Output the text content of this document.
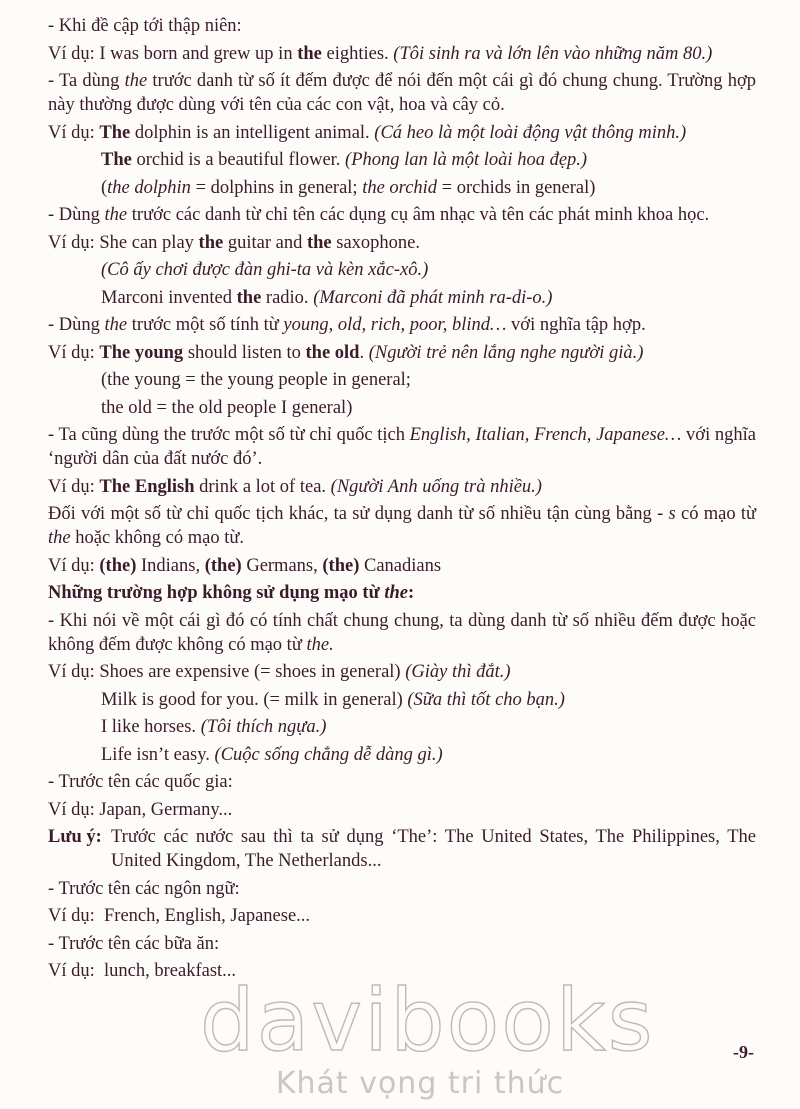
- Khi đề cập tới thập niên:

Ví dụ: I was born and grew up in the eighties. (Tôi sinh ra và lớn lên vào những năm 80.)

- Ta dùng the trước danh từ số ít đếm được để nói đến một cái gì đó chung chung. Trường hợp này thường được dùng với tên của các con vật, hoa và cây cỏ.

Ví dụ: The dolphin is an intelligent animal. (Cá heo là một loài động vật thông minh.)

The orchid is a beautiful flower. (Phong lan là một loài hoa đẹp.)

(the dolphin = dolphins in general; the orchid = orchids in general)

- Dùng the trước các danh từ chỉ tên các dụng cụ âm nhạc và tên các phát minh khoa học.

Ví dụ: She can play the guitar and the saxophone.

(Cô ấy chơi được đàn ghi-ta và kèn xắc-xô.)

Marconi invented the radio. (Marconi đã phát minh ra-di-o.)

- Dùng the trước một số tính từ young, old, rich, poor, blind… với nghĩa tập hợp.

Ví dụ: The young should listen to the old. (Người trẻ nên lắng nghe người già.)

(the young = the young people in general;

the old = the old people I general)

- Ta cũng dùng the trước một số từ chỉ quốc tịch English, Italian, French, Japanese… với nghĩa ‘người dân của đất nước đó’.

Ví dụ: The English drink a lot of tea. (Người Anh uống trà nhiều.)

Đối với một số từ chỉ quốc tịch khác, ta sử dụng danh từ số nhiều tận cùng bằng - s có mạo từ the hoặc không có mạo từ.

Ví dụ: (the) Indians, (the) Germans, (the) Canadians

Những trường hợp không sử dụng mạo từ the:

- Khi nói về một cái gì đó có tính chất chung chung, ta dùng danh từ số nhiều đếm được hoặc không đếm được không có mạo từ the.

Ví dụ: Shoes are expensive (= shoes in general) (Giày thì đắt.)

Milk is good for you. (= milk in general) (Sữa thì tốt cho bạn.)

I like horses. (Tôi thích ngựa.)

Life isn’t easy. (Cuộc sống chẳng dễ dàng gì.)

- Trước tên các quốc gia:

Ví dụ: Japan, Germany...

Lưu ý: Trước các nước sau thì ta sử dụng ‘The’: The United States, The Philippines, The United Kingdom, The Netherlands...

- Trước tên các ngôn ngữ:

Ví dụ: French, English, Japanese...

- Trước tên các bữa ăn:

Ví dụ: lunch, breakfast...
davibooks
Khát vọng tri thức
-9-
